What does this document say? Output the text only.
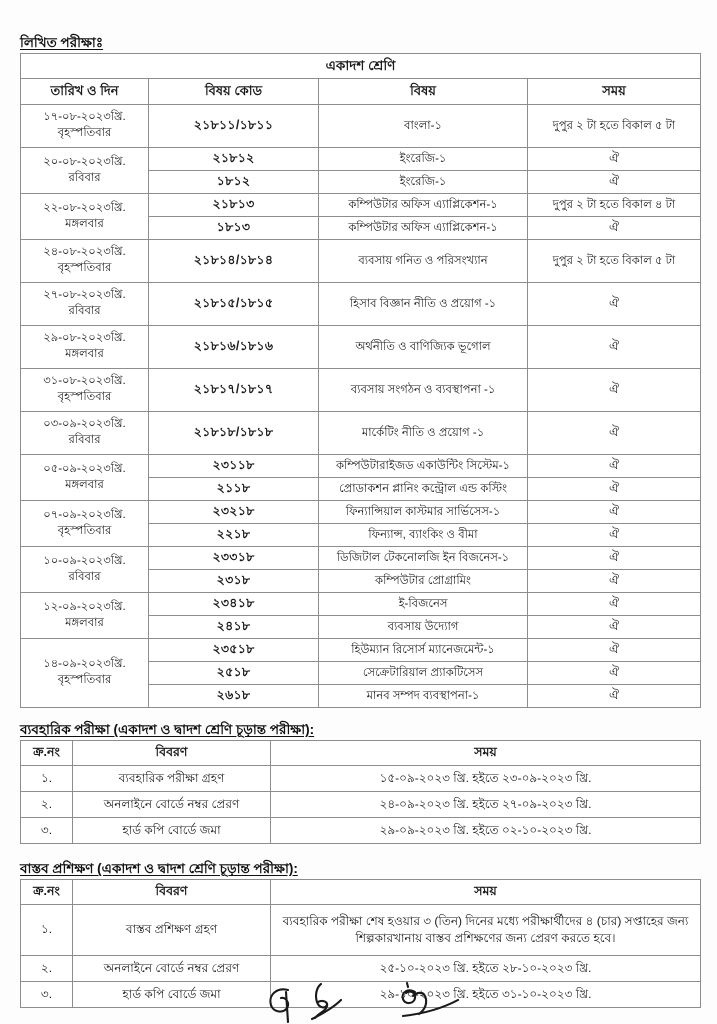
লিখিত পরীক্ষাঃ
একাদশ শ্রেণি			
তারিখ ও দিন	বিষয় কোড	বিষয়	সময়

১৭-০৮-২০২৩খ্রি.
বৃহস্পতিবার	২১৮১১/১৮১১	বাংলা-১	দুপুর ২ টা হতে বিকাল ৫ টা

২০-০৮-২০২৩খ্রি.
রবিবার	২১৮১২	ইংরেজি-১	ঐ
	১৮১২	ইংরেজি-১	ঐ

২২-০৮-২০২৩খ্রি.
মঙ্গলবার	২১৮১৩	কম্পিউটার অফিস এ্যাপ্লিকেশন-১	দুপুর ২ টা হতে বিকাল ৪ টা
	১৮১৩	কম্পিউটার অফিস এ্যাপ্লিকেশন-১	ঐ

২৪-০৮-২০২৩খ্রি.
বৃহস্পতিবার	২১৮১৪/১৮১৪	ব্যবসায় গনিত ও পরিসংখ্যান	দুপুর ২ টা হতে বিকাল ৫ টা

২৭-০৮-২০২৩খ্রি.
রবিবার	২১৮১৫/১৮১৫	হিসাব বিজ্ঞান নীতি ও প্রয়োগ -১	ঐ

২৯-০৮-২০২৩খ্রি.
মঙ্গলবার	২১৮১৬/১৮১৬	অর্থনীতি ও বাণিজ্যিক ভূগোল	ঐ

৩১-০৮-২০২৩খ্রি.
বৃহস্পতিবার	২১৮১৭/১৮১৭	ব্যবসায় সংগঠন ও ব্যবস্থাপনা -১	ঐ

০৩-০৯-২০২৩খ্রি.
রবিবার	২১৮১৮/১৮১৮	মার্কেটিং নীতি ও প্রয়োগ -১	ঐ

০৫-০৯-২০২৩খ্রি.
মঙ্গলবার	২৩১১৮	কম্পিউটারাইজড একাউন্টিং সিস্টেম-১	ঐ
	২১১৮	প্রোডাকশন প্লানিং কন্ট্রোল এন্ড কস্টিং	ঐ

০৭-০৯-২০২৩খ্রি.
বৃহস্পতিবার	২৩২১৮	ফিন্যান্সিয়াল কাস্টমার সার্ভিসেস-১	ঐ
	২২১৮	ফিন্যান্স, ব্যাংকিং ও বীমা	ঐ

১০-০৯-২০২৩খ্রি.
রবিবার	২৩৩১৮	ডিজিটাল টেকনোলজি ইন বিজনেস-১	ঐ
	২৩১৮	কম্পিউটার প্রোগ্রামিং	ঐ

১২-০৯-২০২৩খ্রি.
মঙ্গলবার	২৩৪১৮	ই-বিজনেস	ঐ
	২৪১৮	ব্যবসায় উদ্যোগ	ঐ

১৪-০৯-২০২৩খ্রি.
বৃহস্পতিবার	২৩৫১৮	হিউম্যান রিসোর্স ম্যানেজমেন্ট-১	ঐ
	২৫১৮	সেক্রেটারিয়াল প্র্যাকটিসেস	ঐ
	২৬১৮	মানব সম্পদ ব্যবস্থাপনা-১	ঐ
ব্যবহারিক পরীক্ষা (একাদশ ও দ্বাদশ শ্রেণি চূড়ান্ত পরীক্ষা):
ক্র.নং	বিবরণ	সময়
১.	ব্যবহারিক পরীক্ষা গ্রহণ	১৫-০৯-২০২৩ খ্রি. হইতে ২৩-০৯-২০২৩ খ্রি.
২.	অনলাইনে বোর্ডে নম্বর প্রেরণ	২৪-০৯-২০২৩ খ্রি. হইতে ২৭-০৯-২০২৩ খ্রি.
৩.	হার্ড কপি বোর্ডে জমা	২৯-০৯-২০২৩ খ্রি. হইতে ০২-১০-২০২৩ খ্রি.
বাস্তব প্রশিক্ষণ (একাদশ ও দ্বাদশ শ্রেণি চূড়ান্ত পরীক্ষা):
ক্র.নং	বিবরণ	সময়
১.	বাস্তব প্রশিক্ষণ গ্রহণ	ব্যবহারিক পরীক্ষা শেষ হওয়ার ৩ (তিন) দিনের মধ্যে পরীক্ষার্থীদের ৪ (চার) সপ্তাহের জন্য শিল্পকারখানায় বাস্তব প্রশিক্ষণের জন্য প্রেরণ করতে হবে।
২.	অনলাইনে বোর্ডে নম্বর প্রেরণ	২৫-১০-২০২৩ খ্রি. হইতে ২৮-১০-২০২৩ খ্রি.
৩.	হার্ড কপি বোর্ডে জমা	২৯-১০-২০২৩ খ্রি. হইতে ৩১-১০-২০২৩ খ্রি.
